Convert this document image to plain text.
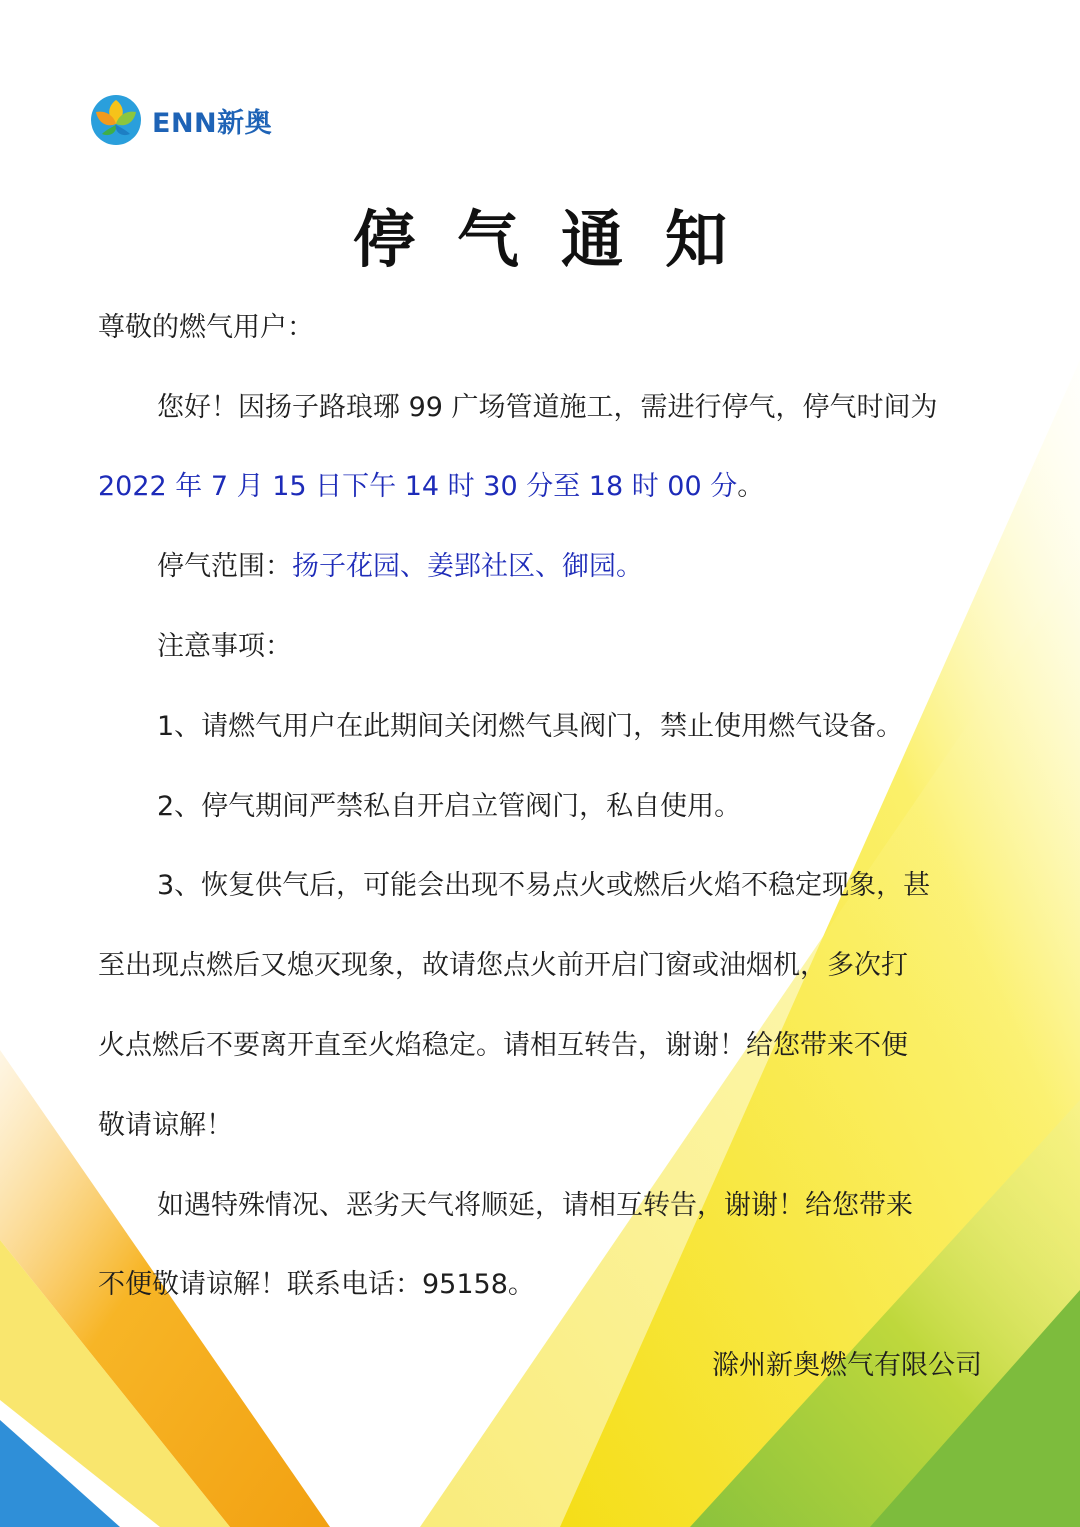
ENN新奥
停气通知
尊敬的燃气用户：
您好！因扬子路琅琊 99 广场管道施工，需进行停气，停气时间为
2022 年 7 月 15 日下午 14 时 30 分至 18 时 00 分。
停气范围：扬子花园、姜郢社区、御园。
注意事项：
1、请燃气用户在此期间关闭燃气具阀门，禁止使用燃气设备。
2、停气期间严禁私自开启立管阀门，私自使用。
3、恢复供气后，可能会出现不易点火或燃后火焰不稳定现象，甚
至出现点燃后又熄灭现象，故请您点火前开启门窗或油烟机，多次打
火点燃后不要离开直至火焰稳定。请相互转告，谢谢！给您带来不便
敬请谅解！
如遇特殊情况、恶劣天气将顺延，请相互转告，谢谢！给您带来
不便敬请谅解！联系电话：95158。
滁州新奥燃气有限公司
